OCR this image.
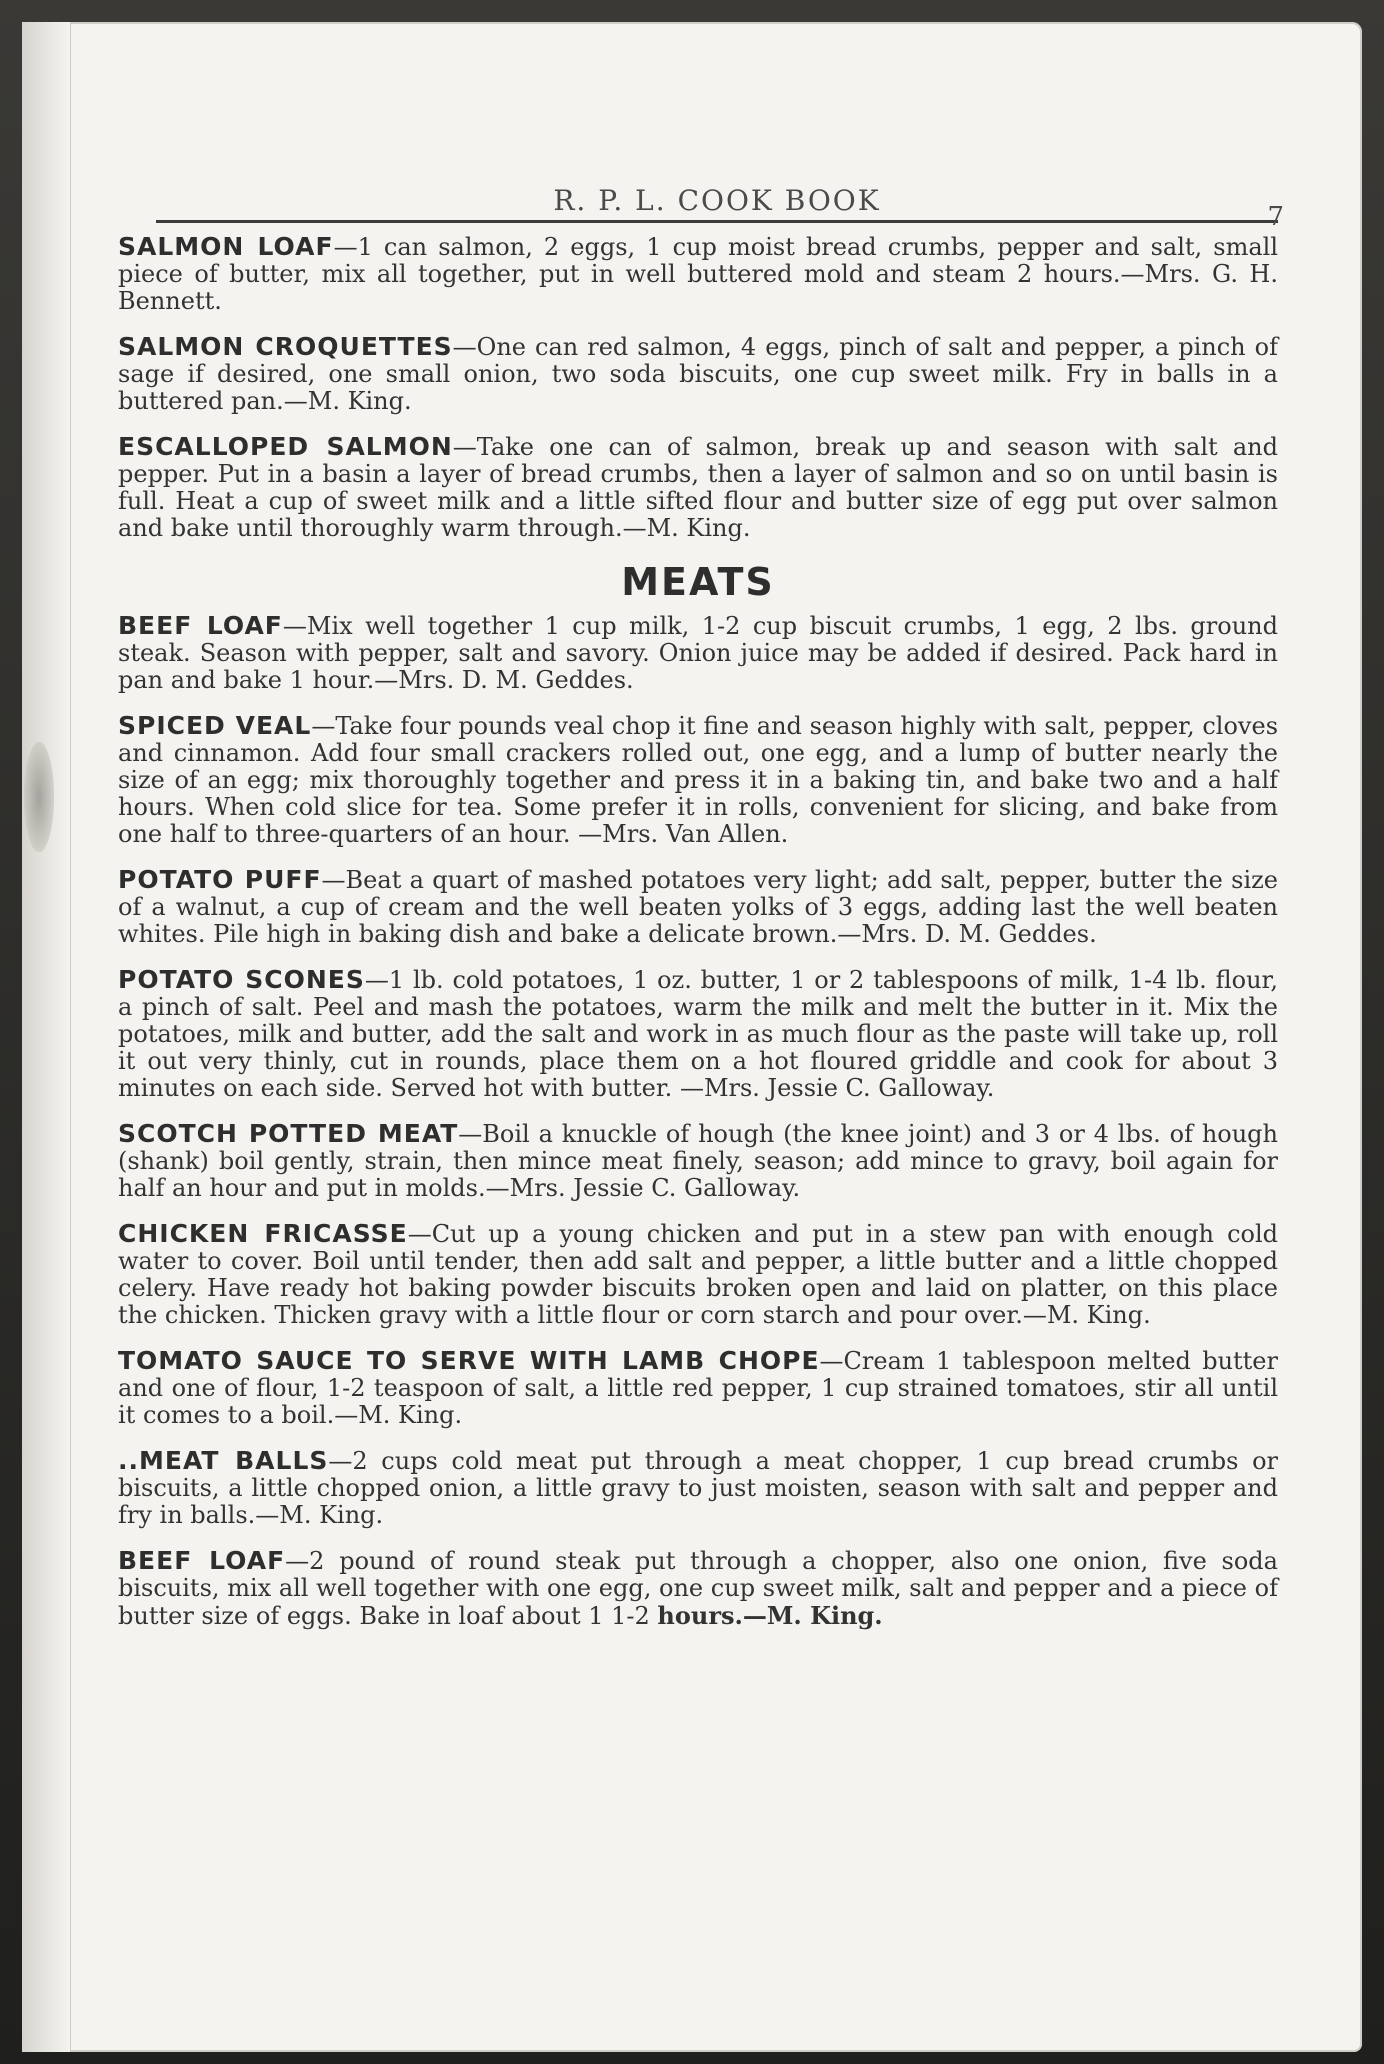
R. P. L. COOK BOOK	7
SALMON LOAF—1 can salmon, 2 eggs, 1 cup moist bread crumbs, pepper and salt, small piece of butter, mix all together, put in well buttered mold and steam 2 hours.—Mrs. G. H. Bennett.
SALMON CROQUETTES—One can red salmon, 4 eggs, pinch of salt and pepper, a pinch of sage if desired, one small onion, two soda biscuits, one cup sweet milk. Fry in balls in a buttered pan.—M. King.
ESCALLOPED SALMON—Take one can of salmon, break up and season with salt and pepper. Put in a basin a layer of bread crumbs, then a layer of salmon and so on until basin is full. Heat a cup of sweet milk and a little sifted flour and butter size of egg put over salmon and bake until thoroughly warm through.—M. King.
MEATS
BEEF LOAF—Mix well together 1 cup milk, 1-2 cup biscuit crumbs, 1 egg, 2 lbs. ground steak. Season with pepper, salt and savory. Onion juice may be added if desired. Pack hard in pan and bake 1 hour.—Mrs. D. M. Geddes.
SPICED VEAL—Take four pounds veal chop it fine and season highly with salt, pepper, cloves and cinnamon. Add four small crackers rolled out, one egg, and a lump of butter nearly the size of an egg; mix thoroughly together and press it in a baking tin, and bake two and a half hours. When cold slice for tea. Some prefer it in rolls, convenient for slicing, and bake from one half to three-quarters of an hour. —Mrs. Van Allen.
POTATO PUFF—Beat a quart of mashed potatoes very light; add salt, pepper, butter the size of a walnut, a cup of cream and the well beaten yolks of 3 eggs, adding last the well beaten whites. Pile high in baking dish and bake a delicate brown.—Mrs. D. M. Geddes.
POTATO SCONES—1 lb. cold potatoes, 1 oz. butter, 1 or 2 tablespoons of milk, 1-4 lb. flour, a pinch of salt. Peel and mash the potatoes, warm the milk and melt the butter in it. Mix the potatoes, milk and butter, add the salt and work in as much flour as the paste will take up, roll it out very thinly, cut in rounds, place them on a hot floured griddle and cook for about 3 minutes on each side. Served hot with butter. —Mrs. Jessie C. Galloway.
SCOTCH POTTED MEAT—Boil a knuckle of hough (the knee joint) and 3 or 4 lbs. of hough (shank) boil gently, strain, then mince meat finely, season; add mince to gravy, boil again for half an hour and put in molds.—Mrs. Jessie C. Galloway.
CHICKEN FRICASSE—Cut up a young chicken and put in a stew pan with enough cold water to cover. Boil until tender, then add salt and pepper, a little butter and a little chopped celery. Have ready hot baking powder biscuits broken open and laid on platter, on this place the chicken. Thicken gravy with a little flour or corn starch and pour over.—M. King.
TOMATO SAUCE TO SERVE WITH LAMB CHOPE—Cream 1 tablespoon melted butter and one of flour, 1-2 teaspoon of salt, a little red pepper, 1 cup strained tomatoes, stir all until it comes to a boil.—M. King.
..MEAT BALLS—2 cups cold meat put through a meat chopper, 1 cup bread crumbs or biscuits, a little chopped onion, a little gravy to just moisten, season with salt and pepper and fry in balls.—M. King.
BEEF LOAF—2 pound of round steak put through a chopper, also one onion, five soda biscuits, mix all well together with one egg, one cup sweet milk, salt and pepper and a piece of butter size of eggs. Bake in loaf about 1 1-2 hours.—M. King.
